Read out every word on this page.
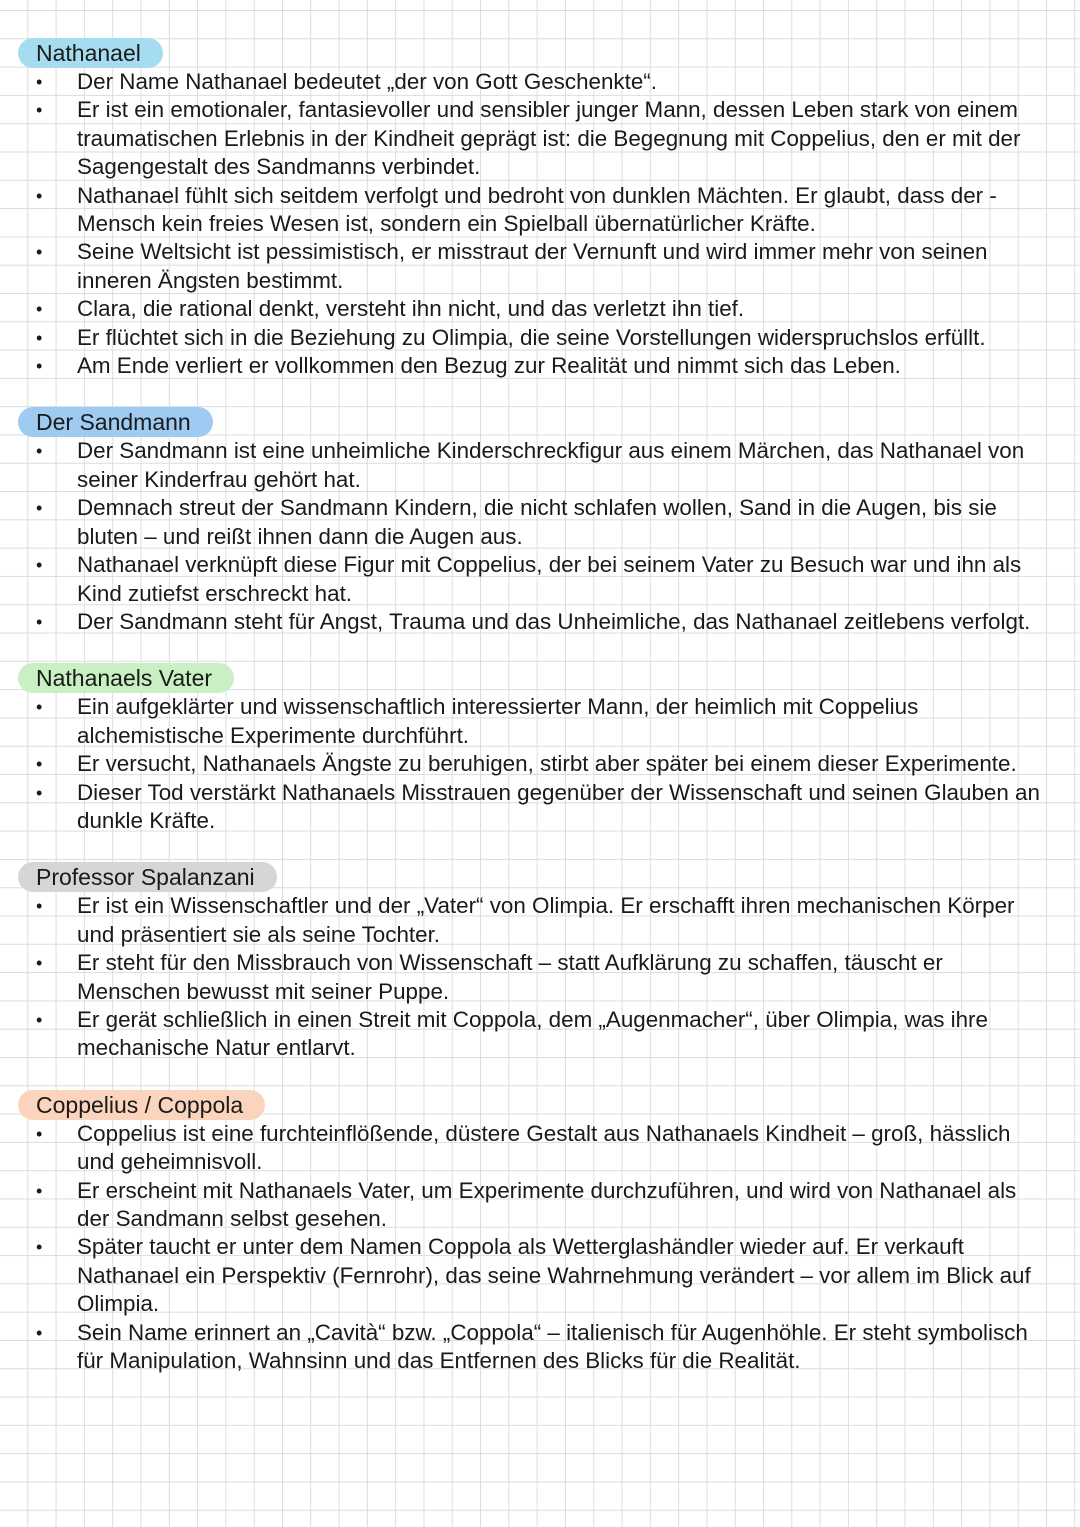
Nathanael
• Der Name Nathanael bedeutet „der von Gott Geschenkte“.
• Er ist ein emotionaler, fantasievoller und sensibler junger Mann, dessen Leben stark von einem traumatischen Erlebnis in der Kindheit geprägt ist: die Begegnung mit Coppelius, den er mit der Sagengestalt des Sandmanns verbindet.
• Nathanael fühlt sich seitdem verfolgt und bedroht von dunklen Mächten. Er glaubt, dass der - Mensch kein freies Wesen ist, sondern ein Spielball übernatürlicher Kräfte.
• Seine Weltsicht ist pessimistisch, er misstraut der Vernunft und wird immer mehr von seinen inneren Ängsten bestimmt.
• Clara, die rational denkt, versteht ihn nicht, und das verletzt ihn tief.
• Er flüchtet sich in die Beziehung zu Olimpia, die seine Vorstellungen widerspruchslos erfüllt.
• Am Ende verliert er vollkommen den Bezug zur Realität und nimmt sich das Leben.
Der Sandmann
• Der Sandmann ist eine unheimliche Kinderschreckfigur aus einem Märchen, das Nathanael von seiner Kinderfrau gehört hat.
• Demnach streut der Sandmann Kindern, die nicht schlafen wollen, Sand in die Augen, bis sie bluten – und reißt ihnen dann die Augen aus.
• Nathanael verknüpft diese Figur mit Coppelius, der bei seinem Vater zu Besuch war und ihn als Kind zutiefst erschreckt hat.
• Der Sandmann steht für Angst, Trauma und das Unheimliche, das Nathanael zeitlebens verfolgt.
Nathanaels Vater
• Ein aufgeklärter und wissenschaftlich interessierter Mann, der heimlich mit Coppelius alchemistische Experimente durchführt.
• Er versucht, Nathanaels Ängste zu beruhigen, stirbt aber später bei einem dieser Experimente.
• Dieser Tod verstärkt Nathanaels Misstrauen gegenüber der Wissenschaft und seinen Glauben an dunkle Kräfte.
Professor Spalanzani
• Er ist ein Wissenschaftler und der „Vater“ von Olimpia. Er erschafft ihren mechanischen Körper und präsentiert sie als seine Tochter.
• Er steht für den Missbrauch von Wissenschaft – statt Aufklärung zu schaffen, täuscht er Menschen bewusst mit seiner Puppe.
• Er gerät schließlich in einen Streit mit Coppola, dem „Augenmacher“, über Olimpia, was ihre mechanische Natur entlarvt.
Coppelius / Coppola
• Coppelius ist eine furchteinflößende, düstere Gestalt aus Nathanaels Kindheit – groß, hässlich und geheimnisvoll.
• Er erscheint mit Nathanaels Vater, um Experimente durchzuführen, und wird von Nathanael als der Sandmann selbst gesehen.
• Später taucht er unter dem Namen Coppola als Wetterglashändler wieder auf. Er verkauft Nathanael ein Perspektiv (Fernrohr), das seine Wahrnehmung verändert – vor allem im Blick auf Olimpia.
• Sein Name erinnert an „Cavità“ bzw. „Coppola“ – italienisch für Augenhöhle. Er steht symbolisch für Manipulation, Wahnsinn und das Entfernen des Blicks für die Realität.
